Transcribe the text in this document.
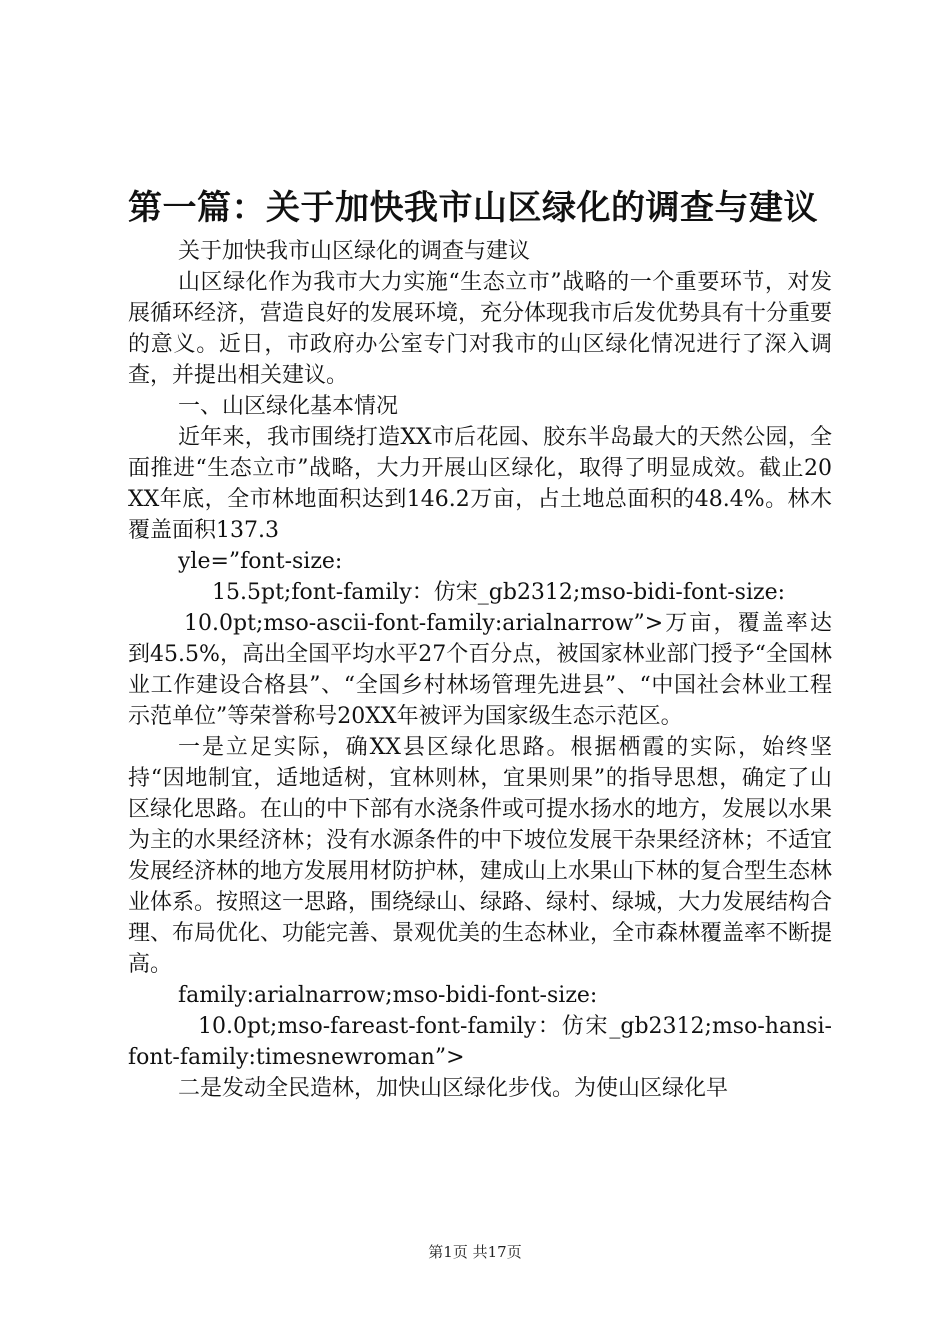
第一篇：关于加快我市山区绿化的调查与建议

关于加快我市山区绿化的调查与建议

山区绿化作为我市大力实施“生态立市”战略的一个重要环节，对发展循环经济，营造良好的发展环境，充分体现我市后发优势具有十分重要的意义。近日，市政府办公室专门对我市的山区绿化情况进行了深入调查，并提出相关建议。

一、山区绿化基本情况

近年来，我市围绕打造XX市后花园、胶东半岛最大的天然公园，全面推进“生态立市”战略，大力开展山区绿化，取得了明显成效。截止20XX年底，全市林地面积达到146.2万亩，占土地总面积的48.4%。林木覆盖面积137.3

yle=”font-size:

15.5pt;font-family：仿宋_gb2312;mso-bidi-font-size:

10.0pt;mso-ascii-font-family:arialnarrow”>万亩，覆盖率达到45.5%，高出全国平均水平27个百分点，被国家林业部门授予“全国林业工作建设合格县”、“全国乡村林场管理先进县”、“中国社会林业工程示范单位”等荣誉称号20XX年被评为国家级生态示范区。

一是立足实际，确XX县区绿化思路。根据栖霞的实际，始终坚持“因地制宜，适地适树，宜林则林，宜果则果”的指导思想，确定了山区绿化思路。在山的中下部有水浇条件或可提水扬水的地方，发展以水果为主的水果经济林；没有水源条件的中下坡位发展干杂果经济林；不适宜发展经济林的地方发展用材防护林，建成山上水果山下林的复合型生态林业体系。按照这一思路，围绕绿山、绿路、绿村、绿城，大力发展结构合理、布局优化、功能完善、景观优美的生态林业，全市森林覆盖率不断提高。

family:arialnarrow;mso-bidi-font-size:

10.0pt;mso-fareast-font-family：仿宋_gb2312;mso-hansi-font-family:timesnewroman”>

二是发动全民造林，加快山区绿化步伐。为使山区绿化早

第1页 共17页
